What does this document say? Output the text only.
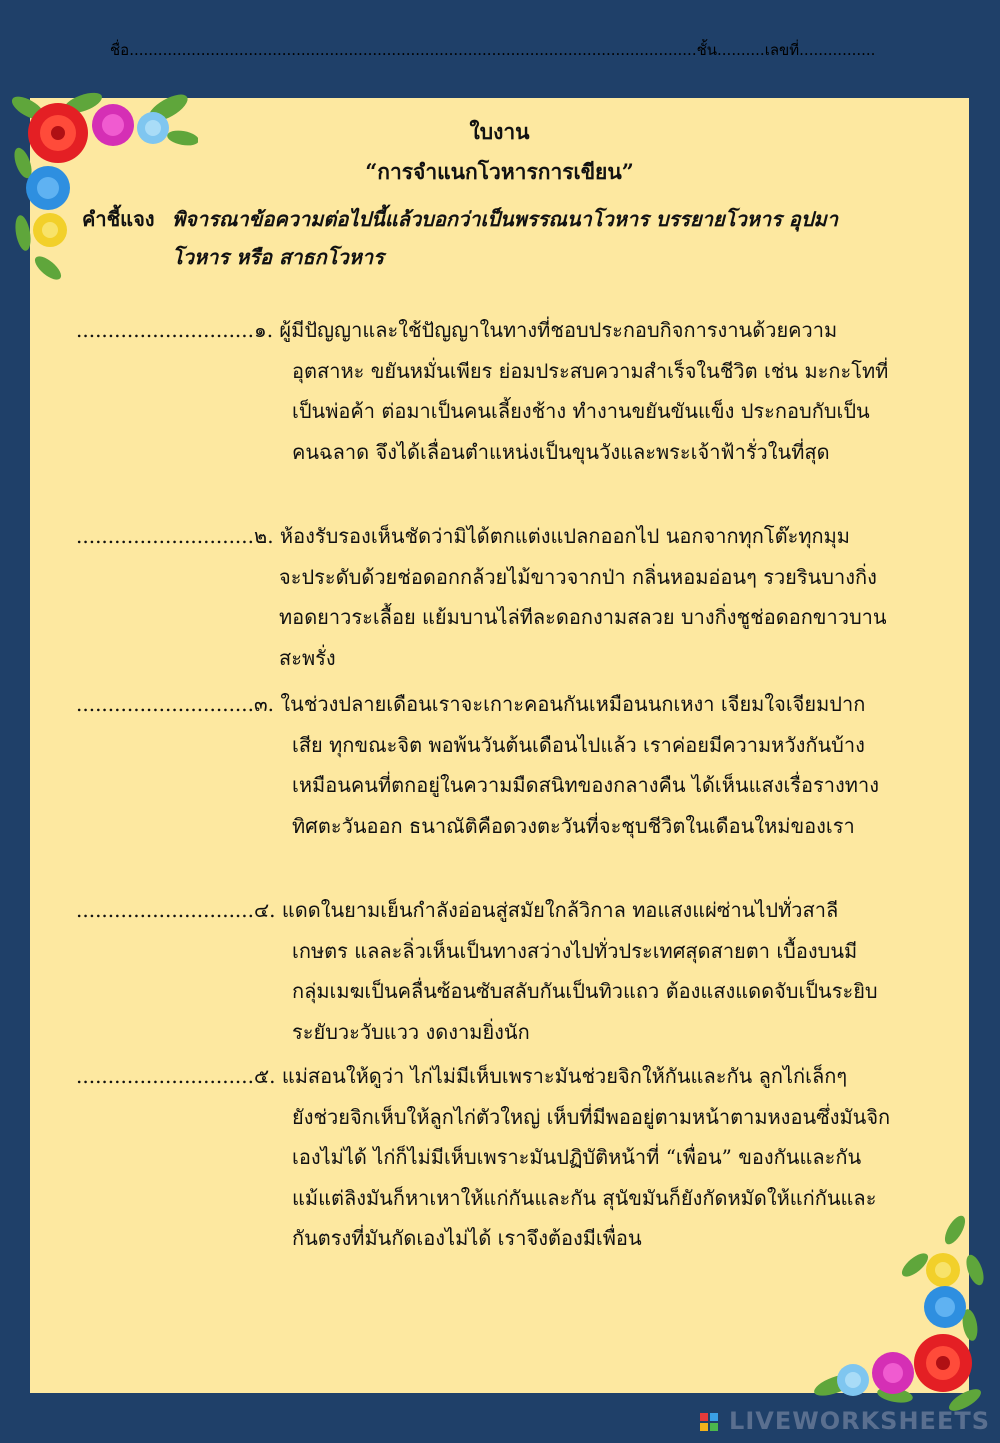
ชื่อ.......................................................................................................................ชั้น..........เลขที่................
ใบงาน
“การจำแนกโวหารการเขียน”
คำชี้แจง พิจารณาข้อความต่อไปนี้แล้วบอกว่าเป็นพรรณนาโวหาร บรรยายโวหาร อุปมาโวหาร หรือ สาธกโวหาร
............................๑. ผู้มีปัญญาและใช้ปัญญาในทางที่ชอบประกอบกิจการงานด้วยความ
อุตสาหะ ขยันหมั่นเพียร ย่อมประสบความสำเร็จในชีวิต เช่น มะกะโทที่เป็นพ่อค้า ต่อมาเป็นคนเลี้ยงช้าง ทำงานขยันขันแข็ง ประกอบกับเป็นคนฉลาด จึงได้เลื่อนตำแหน่งเป็นขุนวังและพระเจ้าฟ้ารั่วในที่สุด
............................๒. ห้องรับรองเห็นชัดว่ามิได้ตกแต่งแปลกออกไป นอกจากทุกโต๊ะทุกมุม
จะประดับด้วยช่อดอกกล้วยไม้ขาวจากป่า กลิ่นหอมอ่อนๆ รวยรินบางกิ่งทอดยาวระเลื้อย แย้มบานไล่ทีละดอกงามสลวย บางกิ่งชูช่อดอกขาวบานสะพรั่ง
............................๓. ในช่วงปลายเดือนเราจะเกาะคอนกันเหมือนนกเหงา เจียมใจเจียมปาก
เสีย ทุกขณะจิต พอพ้นวันต้นเดือนไปแล้ว เราค่อยมีความหวังกันบ้าง เหมือนคนที่ตกอยู่ในความมืดสนิทของกลางคืน ได้เห็นแสงเรื่อรางทางทิศตะวันออก ธนาณัติคือดวงตะวันที่จะชุบชีวิตในเดือนใหม่ของเรา
............................๔. แดดในยามเย็นกำลังอ่อนสู่สมัยใกล้วิกาล ทอแสงแผ่ซ่านไปทั่วสาลี
เกษตร แลละลิ่วเห็นเป็นทางสว่างไปทั่วประเทศสุดสายตา เบื้องบนมีกลุ่มเมฆเป็นคลื่นซ้อนซับสลับกันเป็นทิวแถว ต้องแสงแดดจับเป็นระยิบระยับวะวับแวว งดงามยิ่งนัก
............................๕. แม่สอนให้ดูว่า ไก่ไม่มีเห็บเพราะมันช่วยจิกให้กันและกัน ลูกไก่เล็กๆ
ยังช่วยจิกเห็บให้ลูกไก่ตัวใหญ่ เห็บที่มีพออยู่ตามหน้าตามหงอนซึ่งมันจิกเองไม่ได้ ไก่ก็ไม่มีเห็บเพราะมันปฏิบัติหน้าที่ “เพื่อน” ของกันและกัน แม้แต่ลิงมันก็หาเหาให้แก่กันและกัน สุนัขมันก็ยังกัดหมัดให้แก่กันและกันตรงที่มันกัดเองไม่ได้ เราจึงต้องมีเพื่อน
LIVEWORKSHEETS
